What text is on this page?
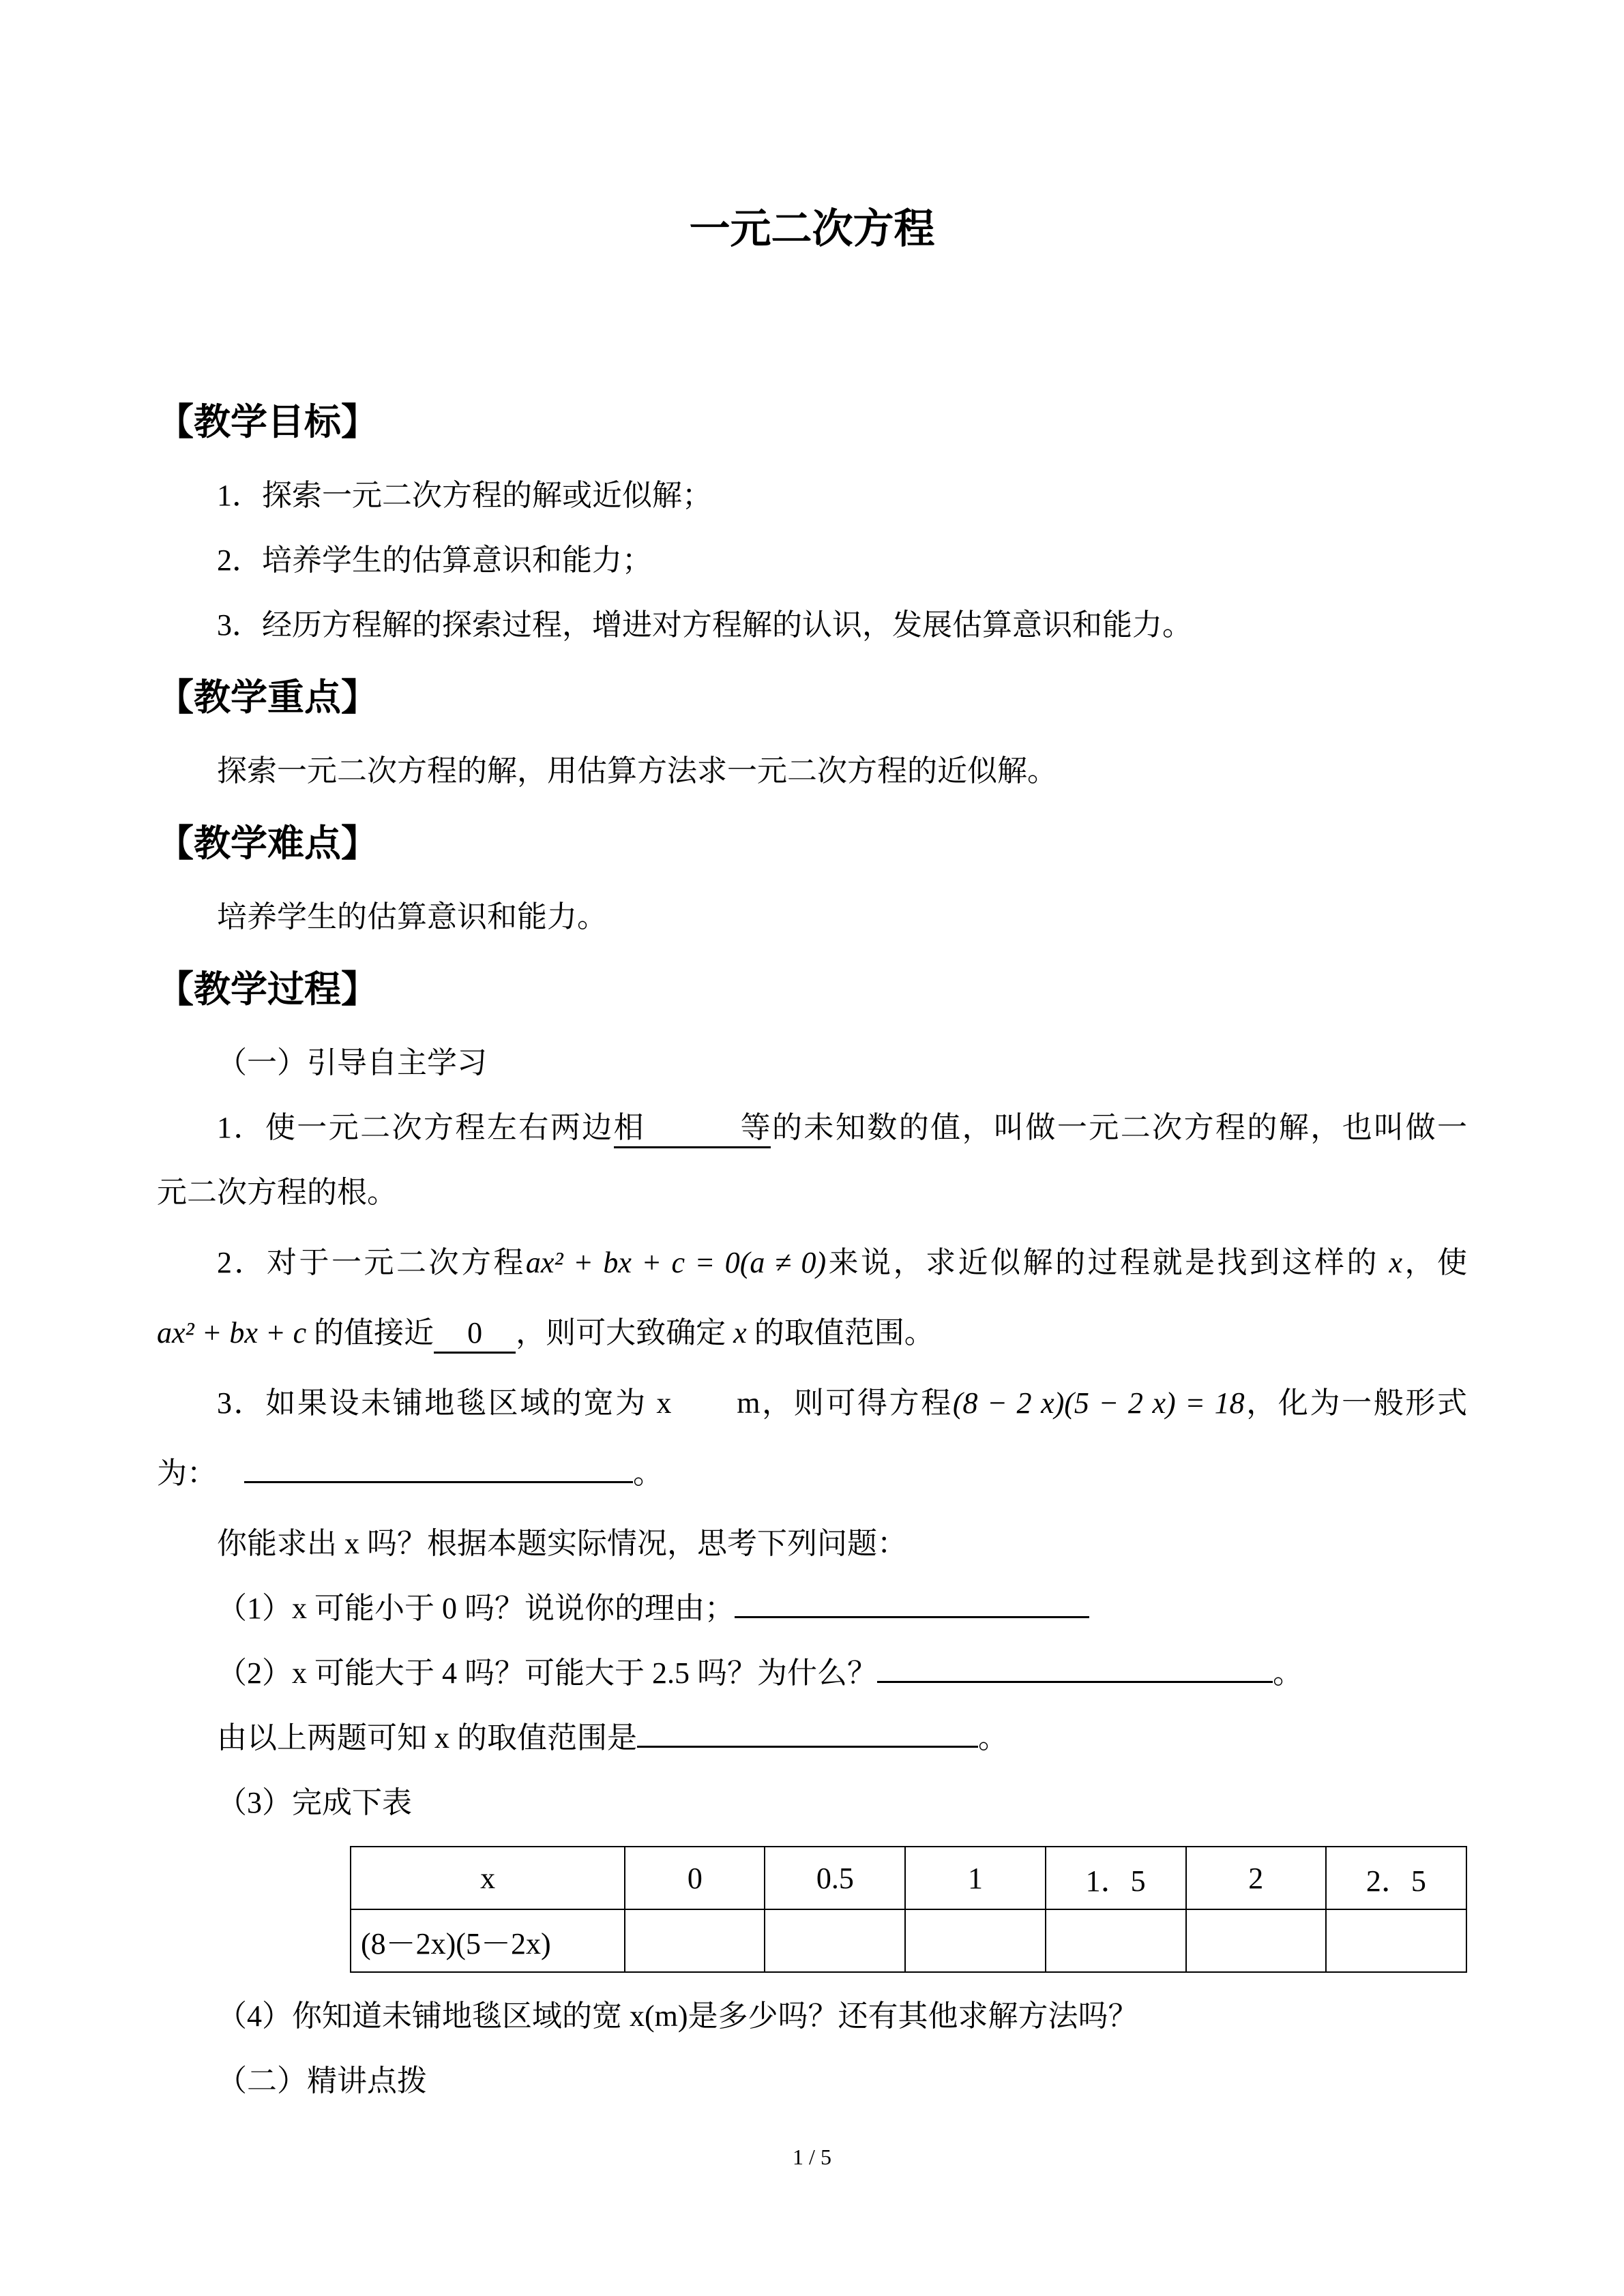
一元二次方程
【教学目标】

1．探索一元二次方程的解或近似解；

2．培养学生的估算意识和能力；

3．经历方程解的探索过程，增进对方程解的认识，发展估算意识和能力。

【教学重点】

探索一元二次方程的解，用估算方法求一元二次方程的近似解。

【教学难点】

培养学生的估算意识和能力。

【教学过程】

（一）引导自主学习

1．使一元二次方程左右两边相等的未知数的值，叫做一元二次方程的解，也叫做一

元二次方程的根。

2．对于一元二次方程ax² + bx + c = 0(a ≠ 0)来说，求近似解的过程就是找到这样的 x，使

ax² + bx + c 的值接近 0 ，则可大致确定 x 的取值范围。

3．如果设未铺地毯区域的宽为 x　　m，则可得方程(8 − 2 x)(5 − 2 x) = 18，化为一般形式

为：	。

你能求出 x 吗？根据本题实际情况，思考下列问题：

（1）x 可能小于 0 吗？说说你的理由；

（2）x 可能大于 4 吗？可能大于 2.5 吗？为什么？	。

由以上两题可知 x 的取值范围是	。

（3）完成下表

x	0	0.5	1	1．5	2	2．5
(8－2x)(5－2x)						

（4）你知道未铺地毯区域的宽 x(m)是多少吗？还有其他求解方法吗？

（二）精讲点拨

1 / 5
